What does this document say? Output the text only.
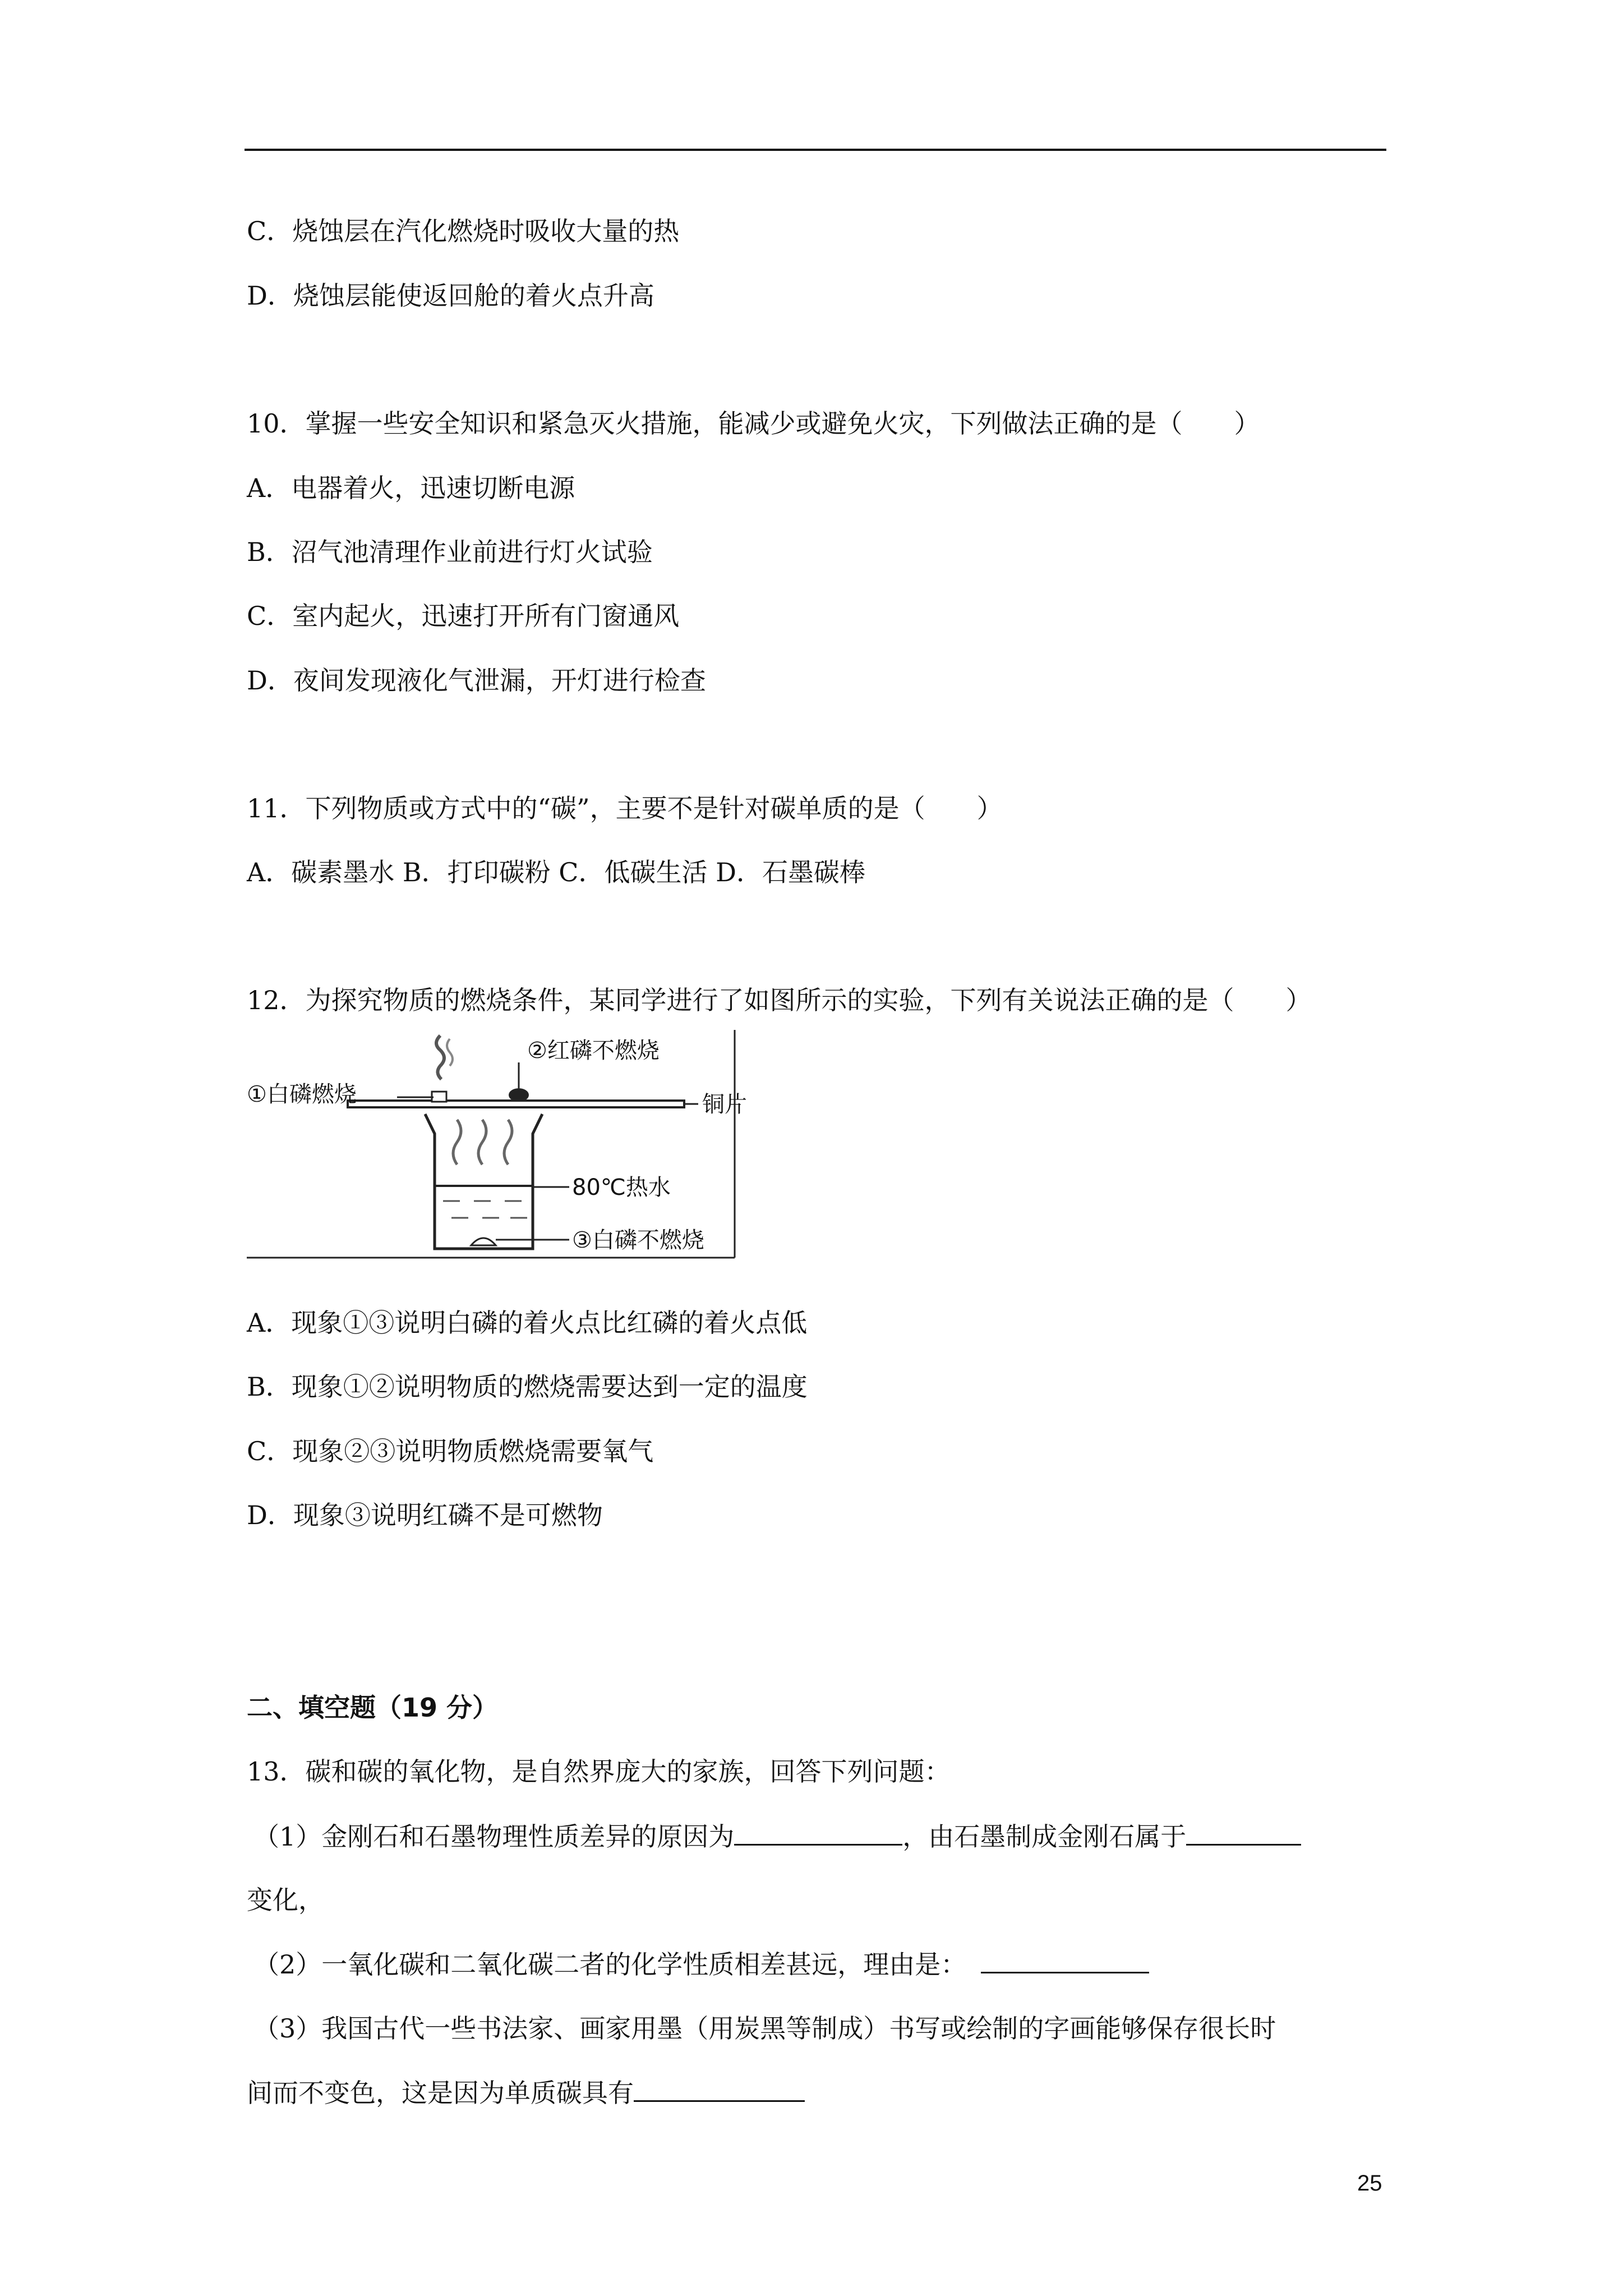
C．烧蚀层在汽化燃烧时吸收大量的热
D．烧蚀层能使返回舱的着火点升高
10．掌握一些安全知识和紧急灭火措施，能减少或避免火灾，下列做法正确的是（　　）
A．电器着火，迅速切断电源
B．沼气池清理作业前进行灯火试验
C．室内起火，迅速打开所有门窗通风
D．夜间发现液化气泄漏，开灯进行检查
11．下列物质或方式中的“碳”，主要不是针对碳单质的是（　　）
A．碳素墨水 B．打印碳粉 C．低碳生活 D．石墨碳棒
12．为探究物质的燃烧条件，某同学进行了如图所示的实验，下列有关说法正确的是（　　）
①白磷燃烧
②红磷不燃烧
铜片
80℃热水
③白磷不燃烧
A．现象①③说明白磷的着火点比红磷的着火点低
B．现象①②说明物质的燃烧需要达到一定的温度
C．现象②③说明物质燃烧需要氧气
D．现象③说明红磷不是可燃物
二、填空题（19 分）
13．碳和碳的氧化物，是自然界庞大的家族，回答下列问题：
（1）金刚石和石墨物理性质差异的原因为	，由石墨制成金刚石属于
变化，
（2）一氧化碳和二氧化碳二者的化学性质相差甚远，理由是：
（3）我国古代一些书法家、画家用墨（用炭黑等制成）书写或绘制的字画能够保存很长时
间而不变色，这是因为单质碳具有
25
